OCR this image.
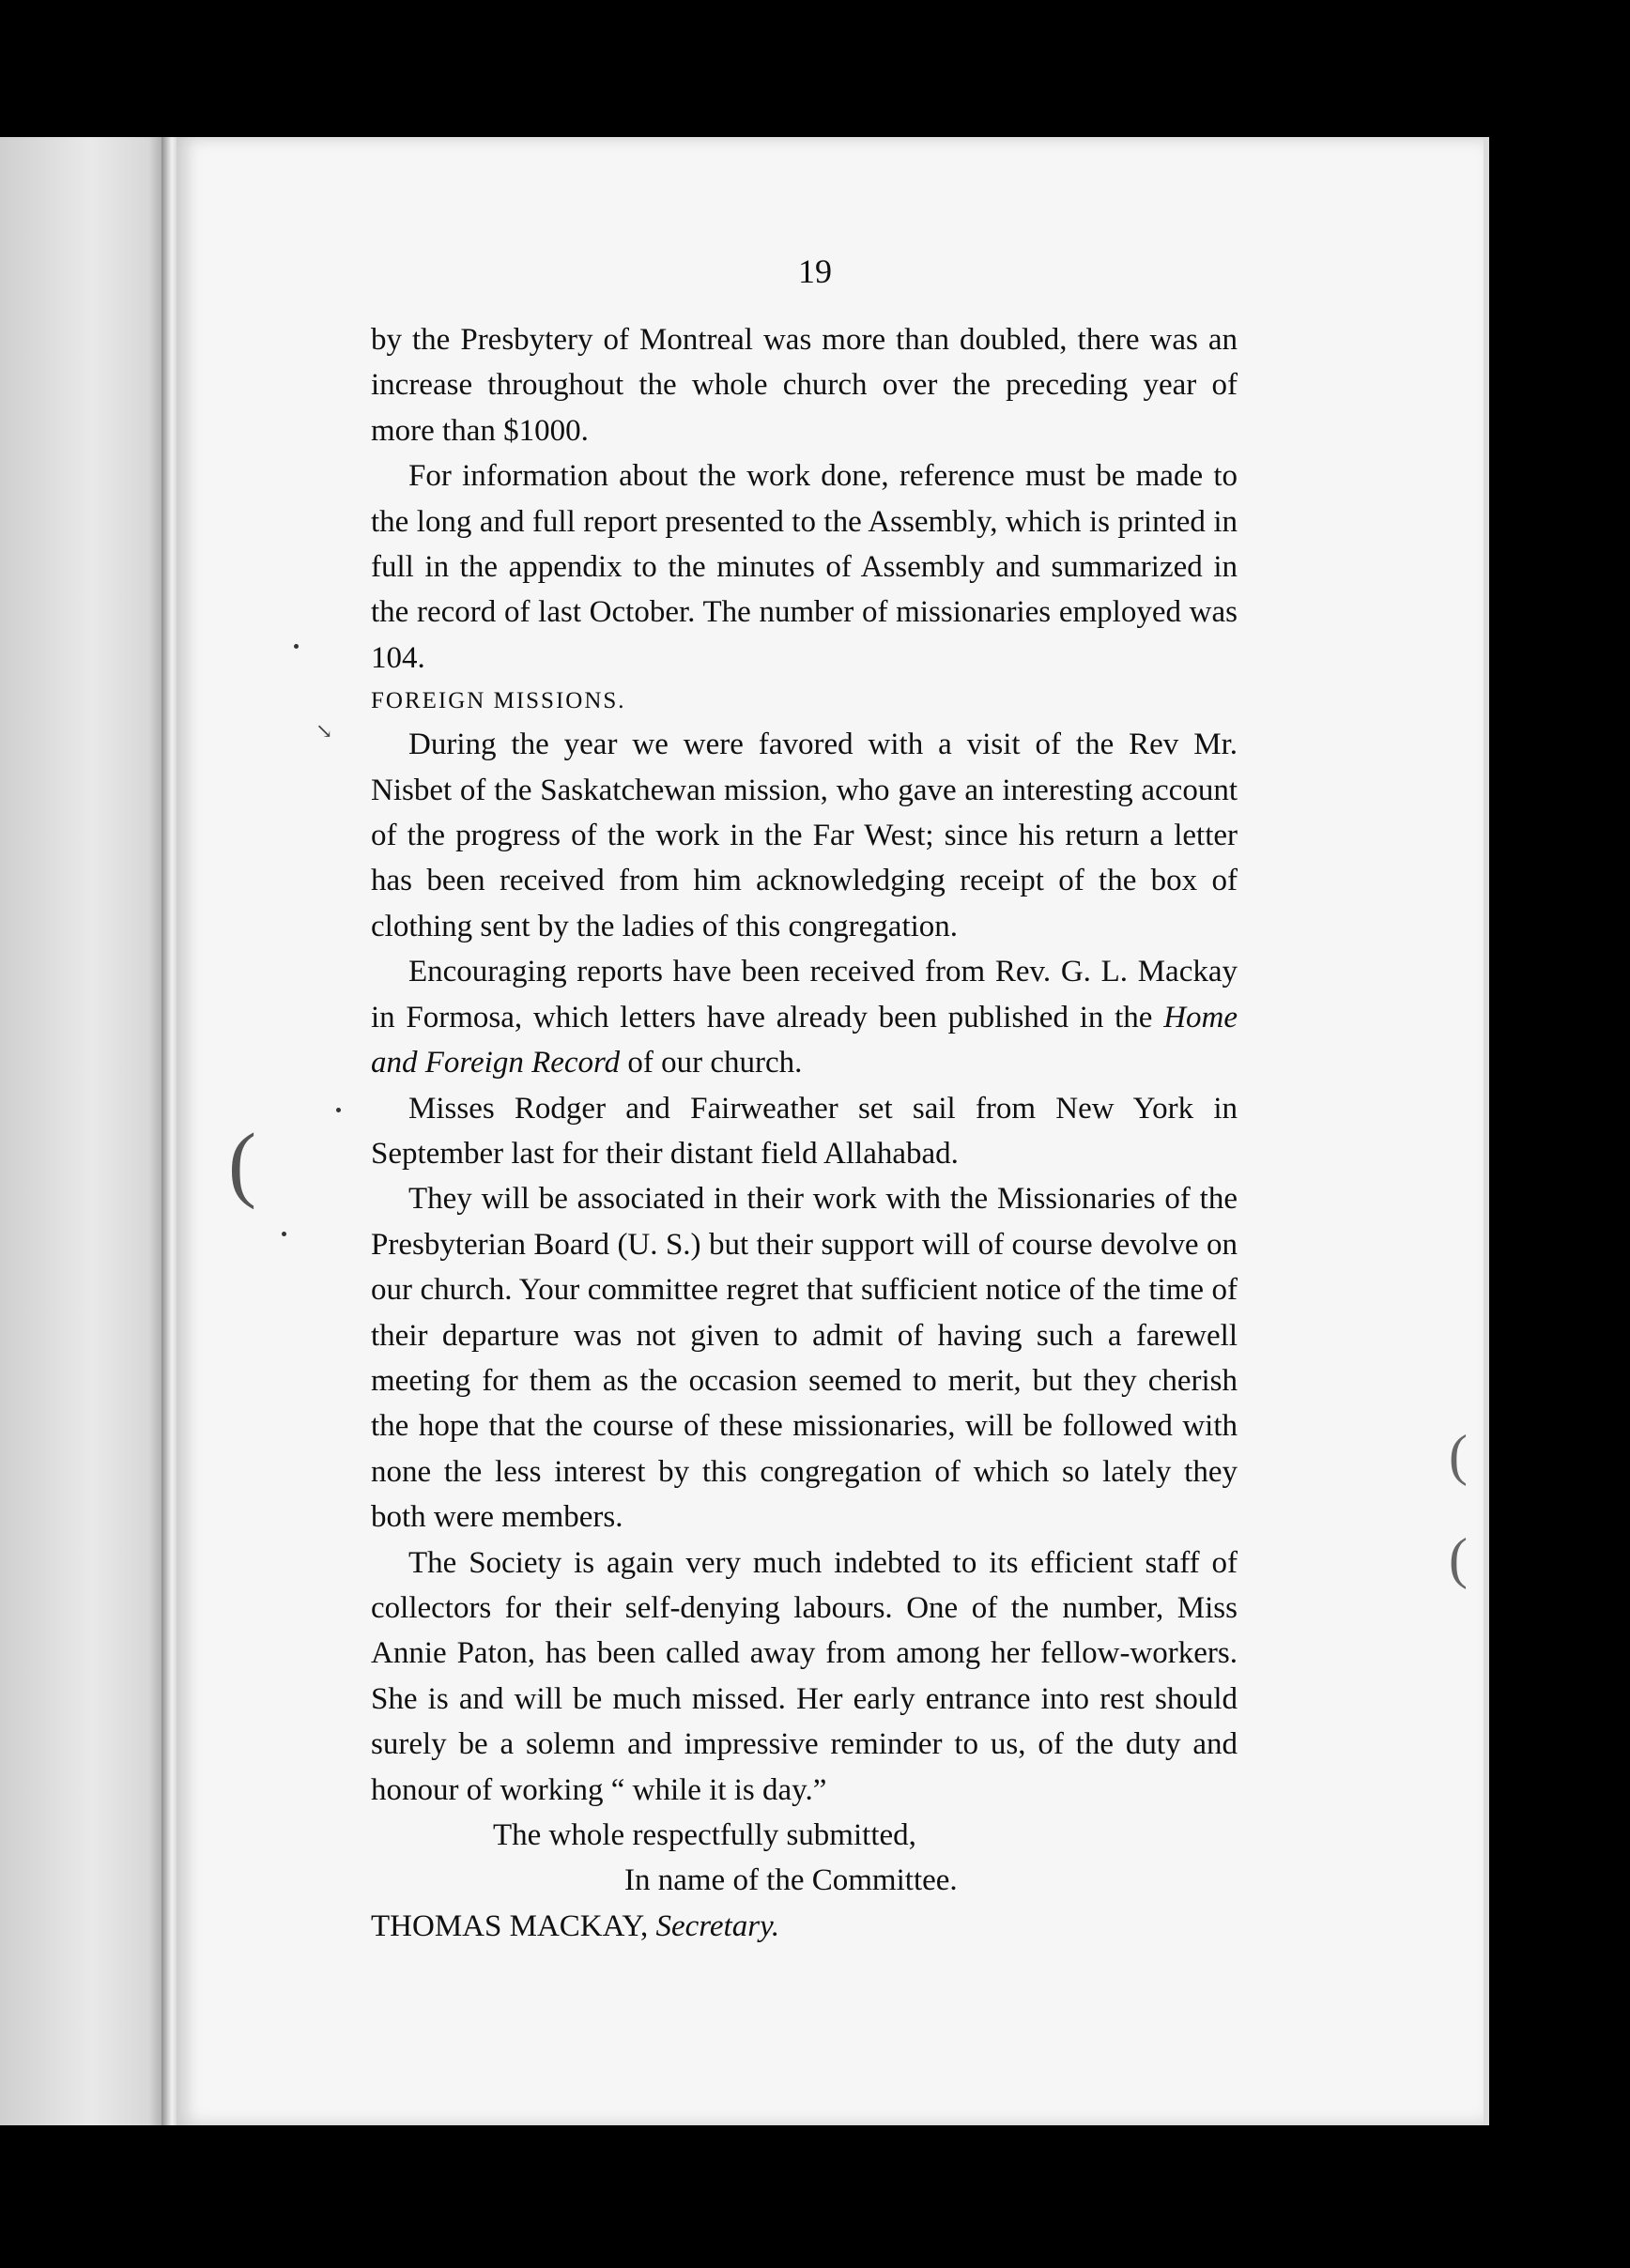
↘
(
(
(
19

by the Presbytery of Montreal was more than doubled, there was an increase throughout the whole church over the preceding year of more than $1000.

For information about the work done, reference must be made to the long and full report presented to the Assembly, which is printed in full in the appendix to the minutes of Assembly and summarized in the record of last October. The number of missionaries employed was 104.

FOREIGN MISSIONS.

During the year we were favored with a visit of the Rev Mr. Nisbet of the Saskatchewan mission, who gave an interesting account of the progress of the work in the Far West; since his return a letter has been received from him acknowledging receipt of the box of clothing sent by the ladies of this congregation.

Encouraging reports have been received from Rev. G. L. Mackay in Formosa, which letters have already been published in the Home and Foreign Record of our church.

Misses Rodger and Fairweather set sail from New York in September last for their distant field Allahabad.

They will be associated in their work with the Missionaries of the Presbyterian Board (U. S.) but their support will of course devolve on our church. Your committee regret that sufficient notice of the time of their departure was not given to admit of having such a farewell meeting for them as the occasion seemed to merit, but they cherish the hope that the course of these missionaries, will be followed with none the less interest by this congregation of which so lately they both were members.

The Society is again very much indebted to its efficient staff of collectors for their self-denying labours. One of the number, Miss Annie Paton, has been called away from among her fellow-workers. She is and will be much missed. Her early entrance into rest should surely be a solemn and impressive reminder to us, of the duty and honour of working “ while it is day.”

The whole respectfully submitted,

In name of the Committee.

THOMAS MACKAY, Secretary.
